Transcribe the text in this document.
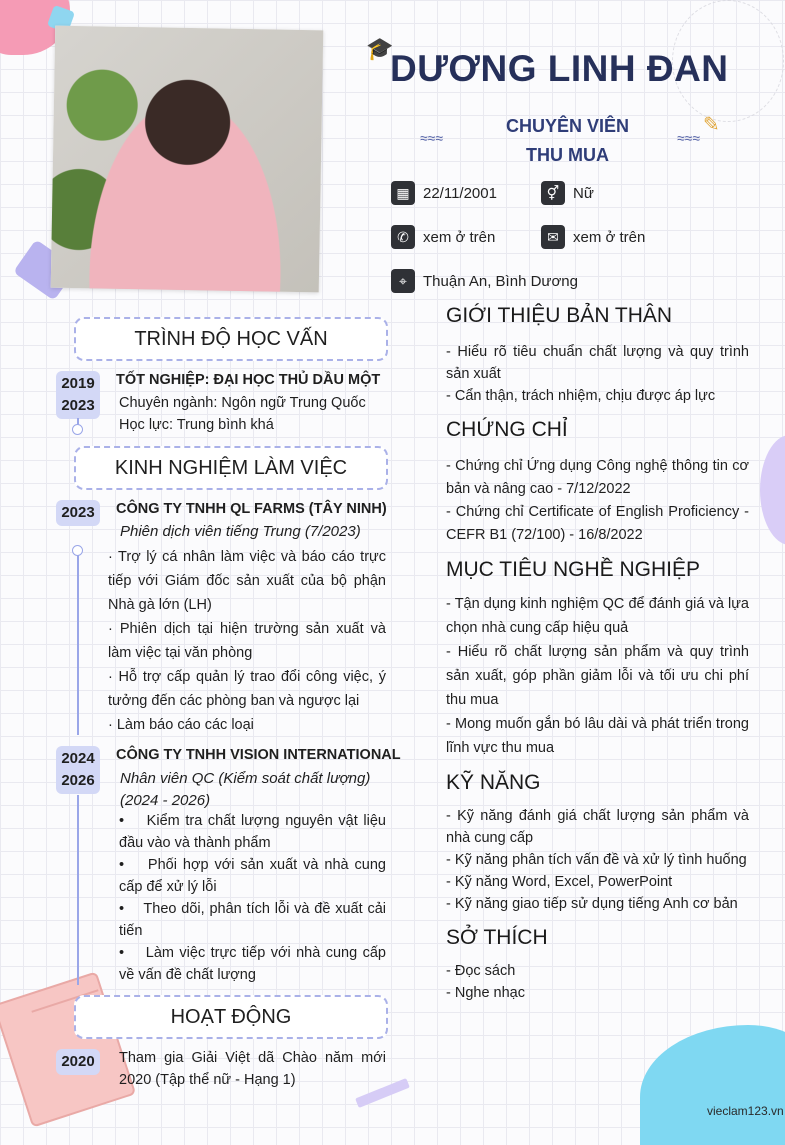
🎓
DƯƠNG LINH ĐAN
CHUYÊN VIÊN
THU MUA
≈≈≈	≈≈≈
✎
▦ 22/11/2001	⚥ Nữ
✆ xem ở trên	✉ xem ở trên
⌖	Thuận An, Bình Dương
TRÌNH ĐỘ HỌC VẤN
2019
2023
TỐT NGHIỆP: ĐẠI HỌC THỦ DẦU MỘT
Chuyên ngành: Ngôn ngữ Trung Quốc
Học lực: Trung bình khá
KINH NGHIỆM LÀM VIỆC
2023	CÔNG TY TNHH QL FARMS (TÂY NINH)
Phiên dịch viên tiếng Trung (7/2023)
· Trợ lý cá nhân làm việc và báo cáo trực tiếp với Giám đốc sản xuất của bộ phận Nhà gà lớn (LH)
· Phiên dịch tại hiện trường sản xuất và làm việc tại văn phòng
· Hỗ trợ cấp quản lý trao đổi công việc, ý tưởng đến các phòng ban và ngược lại
· Làm báo cáo các loại
2024
2026
CÔNG TY TNHH VISION INTERNATIONAL
Nhân viên QC (Kiểm soát chất lượng) (2024 - 2026)
•    Kiểm tra chất lượng nguyên vật liệu đầu vào và thành phẩm
•    Phối hợp với sản xuất và nhà cung cấp để xử lý lỗi
•    Theo dõi, phân tích lỗi và đề xuất cải tiến
•    Làm việc trực tiếp với nhà cung cấp về vấn đề chất lượng
HOẠT ĐỘNG
2020	Tham gia Giải Việt dã Chào năm mới 2020 (Tập thể nữ - Hạng 1)
GIỚI THIỆU BẢN THÂN
- Hiểu rõ tiêu chuẩn chất lượng và quy trình sản xuất
- Cẩn thận, trách nhiệm, chịu được áp lực
CHỨNG CHỈ
- Chứng chỉ Ứng dụng Công nghệ thông tin cơ bản và nâng cao - 7/12/2022
- Chứng chỉ Certificate of English Proficiency - CEFR B1 (72/100) - 16/8/2022
MỤC TIÊU NGHỀ NGHIỆP
- Tận dụng kinh nghiệm QC để đánh giá và lựa chọn nhà cung cấp hiệu quả
- Hiểu rõ chất lượng sản phẩm và quy trình sản xuất, góp phần giảm lỗi và tối ưu chi phí thu mua
- Mong muốn gắn bó lâu dài và phát triển trong lĩnh vực thu mua
KỸ NĂNG
- Kỹ năng đánh giá chất lượng sản phẩm và nhà cung cấp
- Kỹ năng phân tích vấn đề và xử lý tình huống
- Kỹ năng Word, Excel, PowerPoint
- Kỹ năng giao tiếp sử dụng tiếng Anh cơ bản
SỞ THÍCH
- Đọc sách
- Nghe nhạc
vieclam123.vn
